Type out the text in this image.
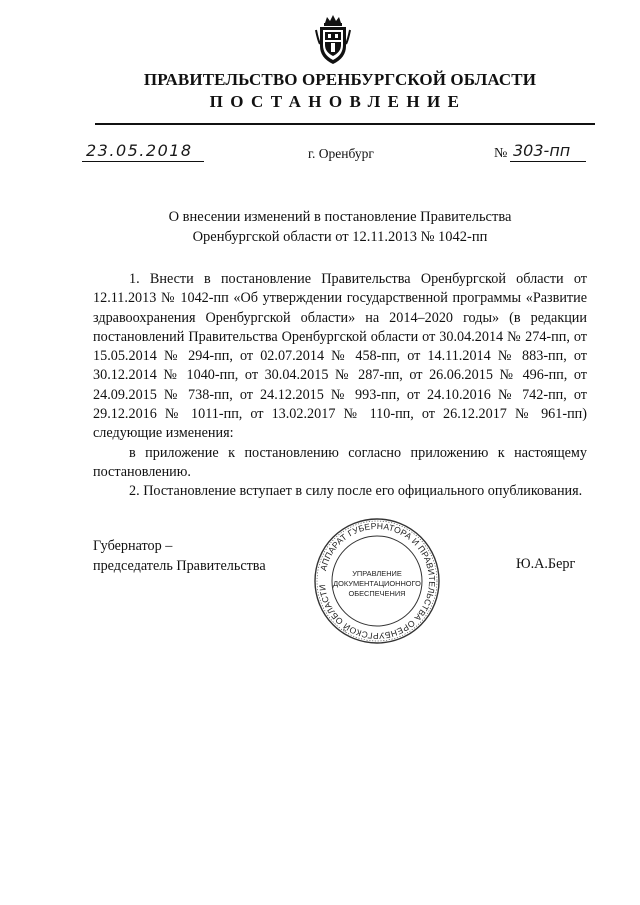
ПРАВИТЕЛЬСТВО ОРЕНБУРГСКОЙ ОБЛАСТИ
ПОСТАНОВЛЕНИЕ
23.05.2018	г. Оренбург	№ 303-пп
О внесении изменений в постановление Правительства
Оренбургской области от 12.11.2013 № 1042-пп

1. Внести в постановление Правительства Оренбургской области от 12.11.2013 № 1042-пп «Об утверждении государственной программы «Развитие здравоохранения Оренбургской области» на 2014–2020 годы» (в редакции постановлений Правительства Оренбургской области от 30.04.2014 № 274-пп, от 15.05.2014 № 294-пп, от 02.07.2014 № 458-пп, от 14.11.2014 № 883-пп, от 30.12.2014 № 1040-пп, от 30.04.2015 № 287-пп, от 26.06.2015 № 496-пп, от 24.09.2015 № 738-пп, от 24.12.2015 № 993-пп, от 24.10.2016 № 742-пп, от 29.12.2016 № 1011-пп, от 13.02.2017 № 110-пп, от 26.12.2017 № 961-пп) следующие изменения:

в приложение к постановлению согласно приложению к настоящему постановлению.

2. Постановление вступает в силу после его официального опубликования.

Губернатор –
председатель Правительства	АППАРАТ ГУБЕРНАТОРА И ПРАВИТЕЛЬСТВА ОРЕНБУРГСКОЙ ОБЛАСТИ
УПРАВЛЕНИЕ
ДОКУМЕНТАЦИОННОГО
ОБЕСПЕЧЕНИЯ
Ю.А.Берг
